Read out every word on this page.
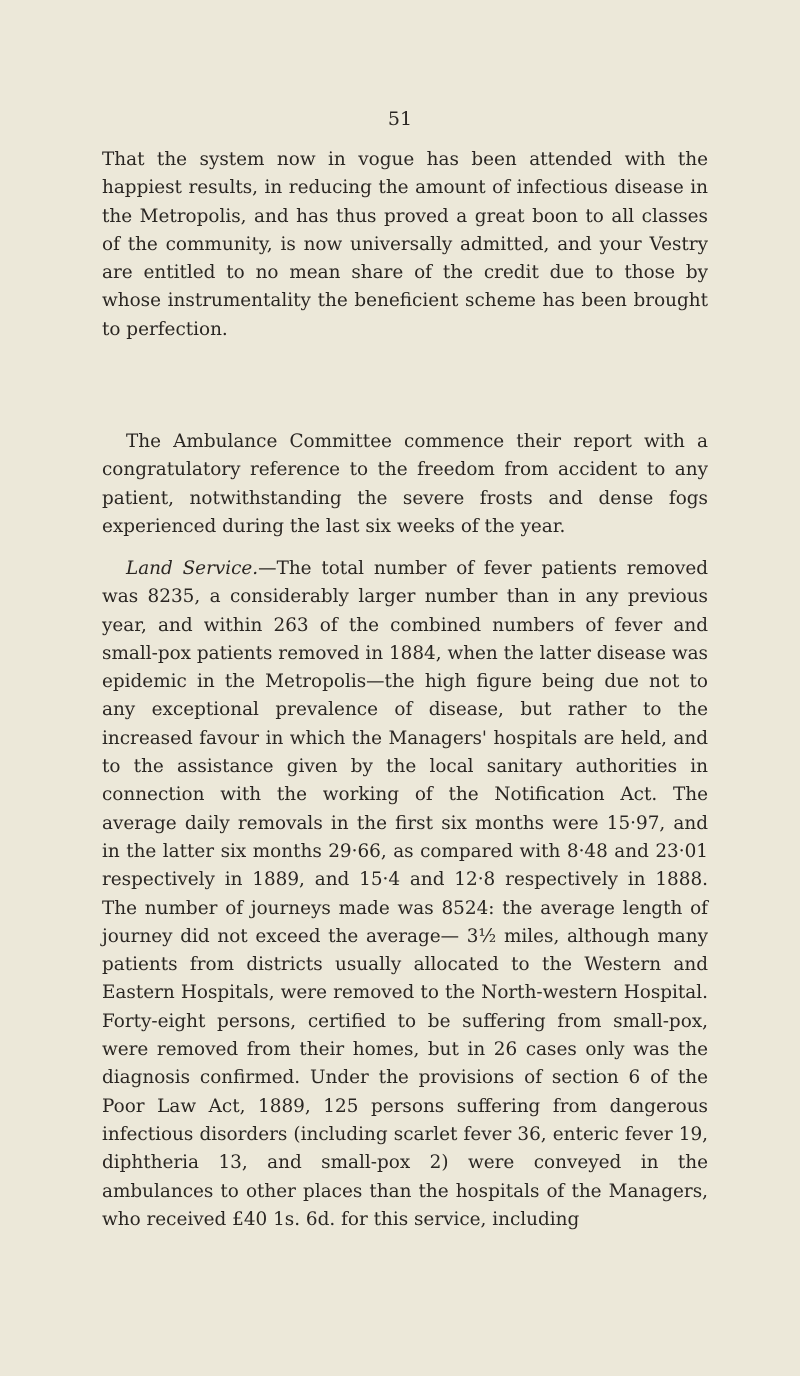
51

That the system now in vogue has been attended with the happiest results, in reducing the amount of infectious disease in the Metropolis, and has thus proved a great boon to all classes of the community, is now universally admitted, and your Vestry are entitled to no mean share of the credit due to those by whose instrumentality the beneficient scheme has been brought to perfection.

The Ambulance Committee commence their report with a congratulatory reference to the freedom from accident to any patient, notwithstanding the severe frosts and dense fogs experienced during the last six weeks of the year.

Land Service.—The total number of fever patients removed was 8235, a considerably larger number than in any previous year, and within 263 of the combined numbers of fever and small-pox patients removed in 1884, when the latter disease was epidemic in the Metropolis—the high figure being due not to any exceptional prevalence of disease, but rather to the increased favour in which the Managers' hospitals are held, and to the assistance given by the local sanitary authorities in connection with the working of the Notification Act. The average daily removals in the first six months were 15·97, and in the latter six months 29·66, as compared with 8·48 and 23·01 respectively in 1889, and 15·4 and 12·8 respectively in 1888. The number of journeys made was 8524: the average length of journey did not exceed the average— 3½ miles, although many patients from districts usually allocated to the Western and Eastern Hospitals, were removed to the North-western Hospital. Forty-eight persons, certified to be suffering from small-pox, were removed from their homes, but in 26 cases only was the diagnosis confirmed. Under the provisions of section 6 of the Poor Law Act, 1889, 125 persons suffering from dangerous infectious disorders (including scarlet fever 36, enteric fever 19, diphtheria 13, and small-pox 2) were conveyed in the ambulances to other places than the hospitals of the Managers, who received £40 1s. 6d. for this service, including
